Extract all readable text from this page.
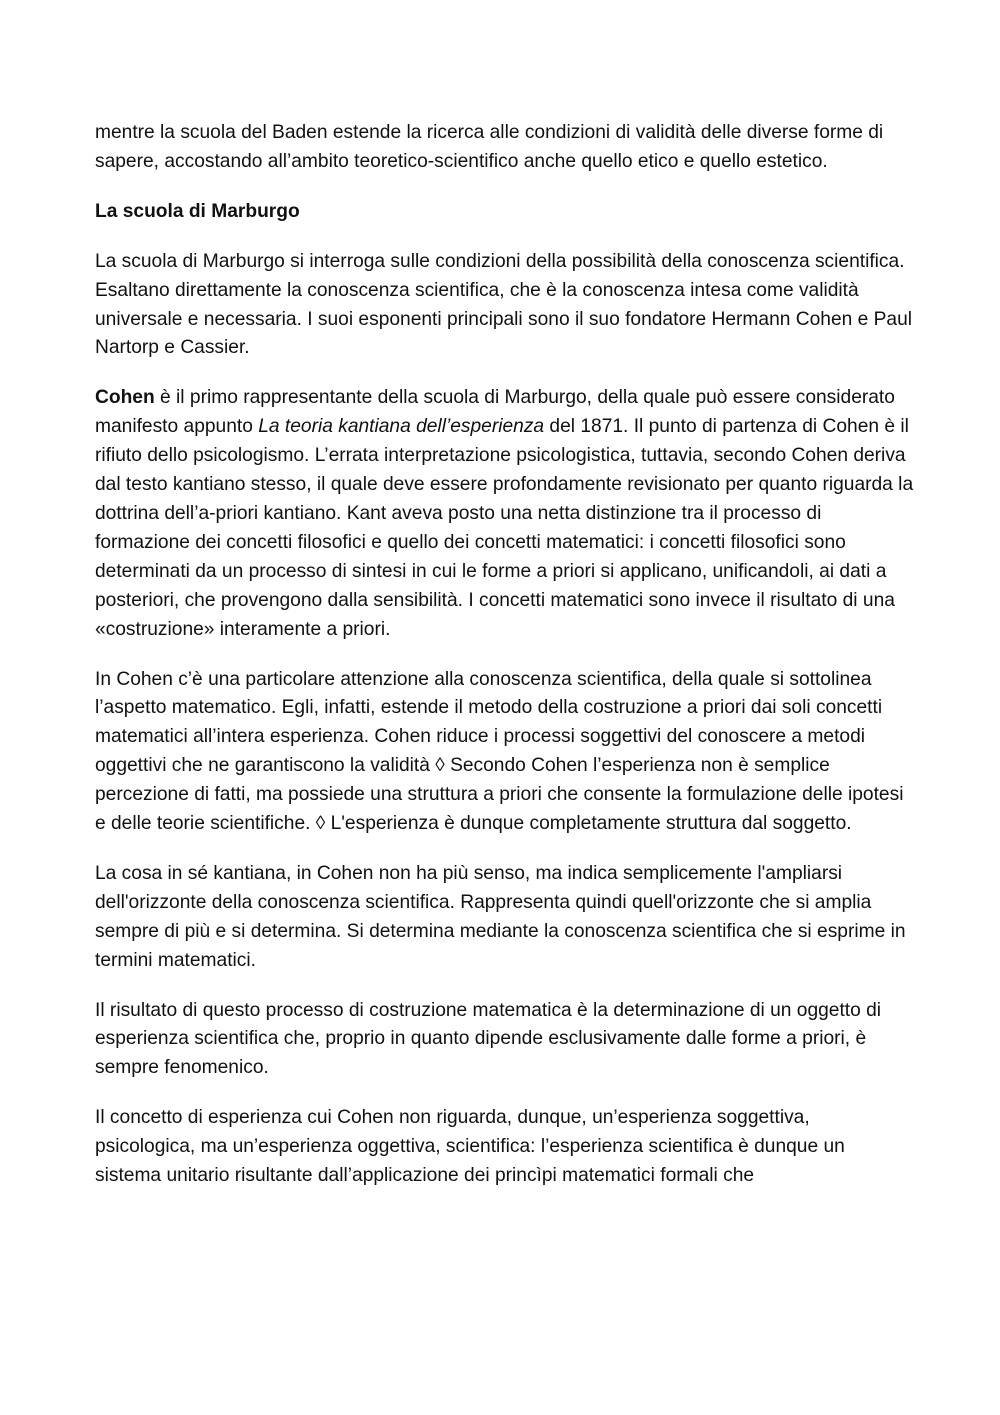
mentre la scuola del Baden estende la ricerca alle condizioni di validità delle diverse forme di sapere, accostando all’ambito teoretico-scientifico anche quello etico e quello estetico.

La scuola di Marburgo

La scuola di Marburgo si interroga sulle condizioni della possibilità della conoscenza scientifica. Esaltano direttamente la conoscenza scientifica, che è la conoscenza intesa come validità universale e necessaria. I suoi esponenti principali sono il suo fondatore Hermann Cohen e Paul Nartorp e Cassier.

Cohen è il primo rappresentante della scuola di Marburgo, della quale può essere considerato manifesto appunto La teoria kantiana dell’esperienza del 1871. Il punto di partenza di Cohen è il rifiuto dello psicologismo. L’errata interpretazione psicologistica, tuttavia, secondo Cohen deriva dal testo kantiano stesso, il quale deve essere profondamente revisionato per quanto riguarda la dottrina dell’a-priori kantiano. Kant aveva posto una netta distinzione tra il processo di formazione dei concetti filosofici e quello dei concetti matematici: i concetti filosofici sono determinati da un processo di sintesi in cui le forme a priori si applicano, unificandoli, ai dati a posteriori, che provengono dalla sensibilità. I concetti matematici sono invece il risultato di una «costruzione» interamente a priori.

In Cohen c’è una particolare attenzione alla conoscenza scientifica, della quale si sottolinea l’aspetto matematico. Egli, infatti, estende il metodo della costruzione a priori dai soli concetti matematici all’intera esperienza. Cohen riduce i processi soggettivi del conoscere a metodi oggettivi che ne garantiscono la validità ◊ Secondo Cohen l’esperienza non è semplice percezione di fatti, ma possiede una struttura a priori che consente la formulazione delle ipotesi e delle teorie scientifiche. ◊ L'esperienza è dunque completamente struttura dal soggetto.

La cosa in sé kantiana, in Cohen non ha più senso, ma indica semplicemente l'ampliarsi dell'orizzonte della conoscenza scientifica. Rappresenta quindi quell'orizzonte che si amplia sempre di più e si determina. Si determina mediante la conoscenza scientifica che si esprime in termini matematici.

Il risultato di questo processo di costruzione matematica è la determinazione di un oggetto di esperienza scientifica che, proprio in quanto dipende esclusivamente dalle forme a priori, è sempre fenomenico.

Il concetto di esperienza cui Cohen non riguarda, dunque, un’esperienza soggettiva, psicologica, ma un’esperienza oggettiva, scientifica: l’esperienza scientifica è dunque un sistema unitario risultante dall’applicazione dei princìpi matematici formali che
